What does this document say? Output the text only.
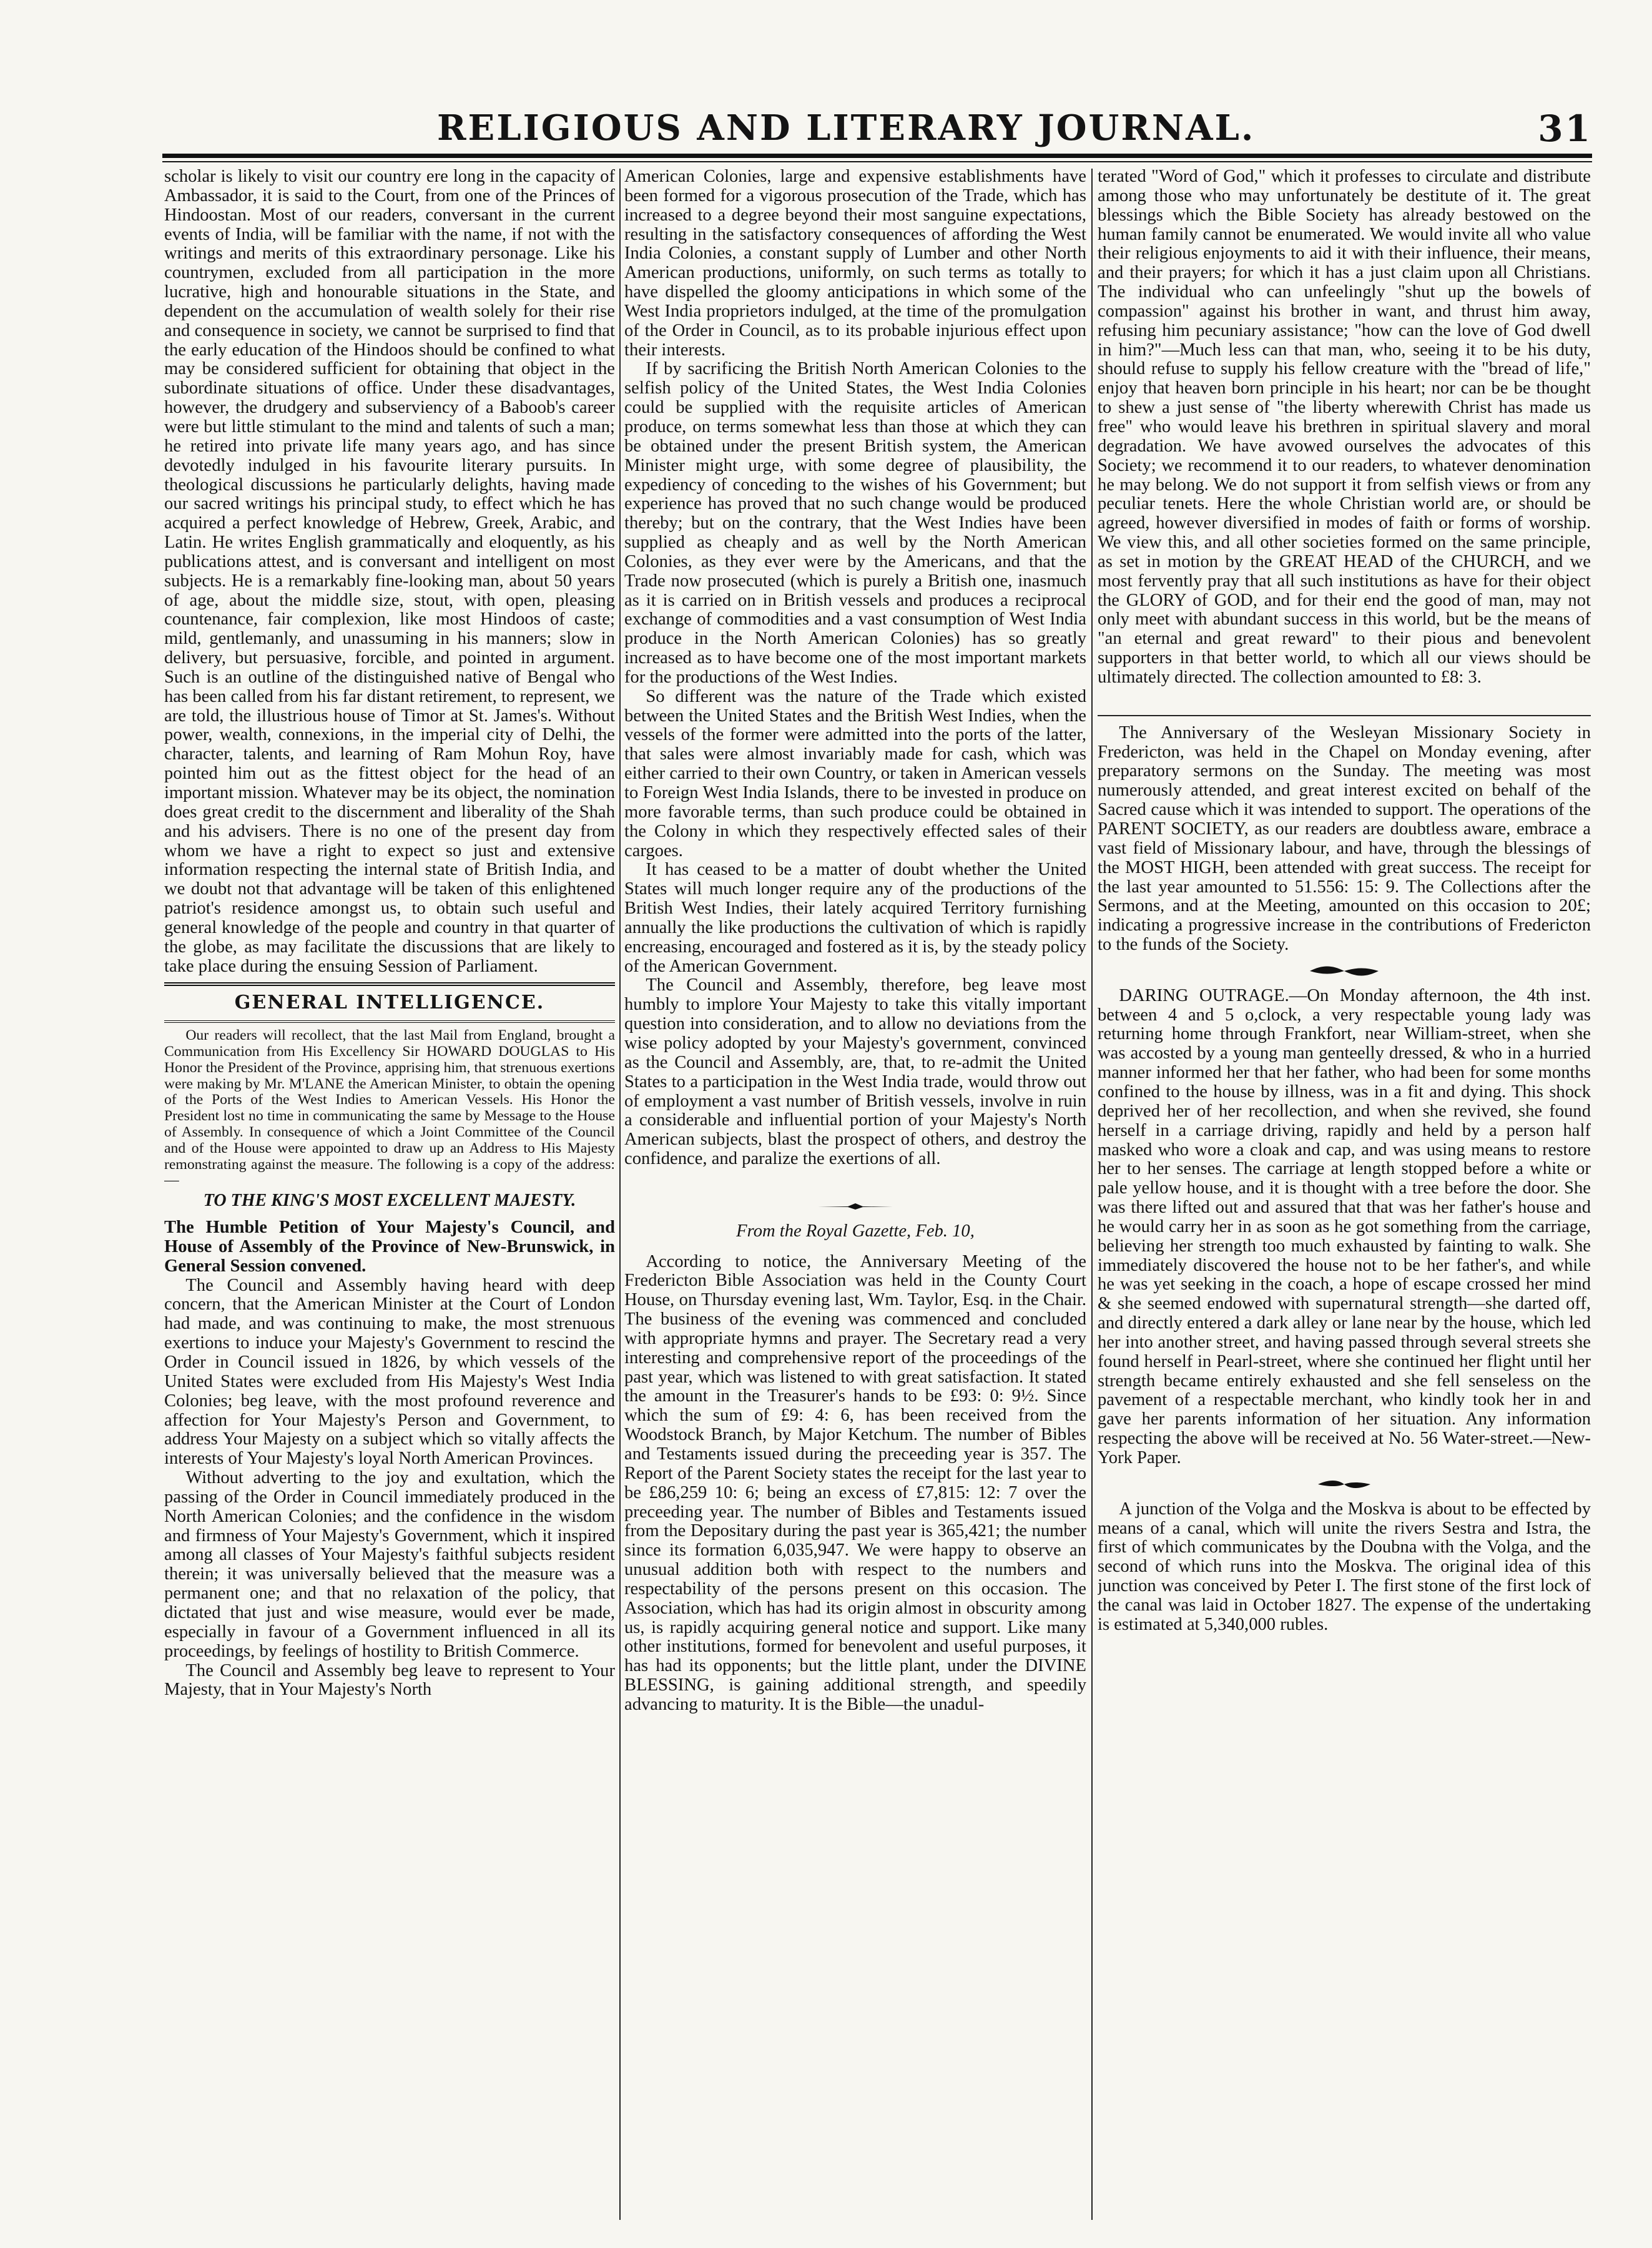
RELIGIOUS AND LITERARY JOURNAL.	31

scholar is likely to visit our country ere long in the capacity of Ambassador, it is said to the Court, from one of the Princes of Hindoostan. Most of our readers, conversant in the current events of India, will be familiar with the name, if not with the writings and merits of this extraordinary personage. Like his countrymen, excluded from all participation in the more lucrative, high and honourable situations in the State, and dependent on the accumulation of wealth solely for their rise and consequence in society, we cannot be surprised to find that the early education of the Hindoos should be confined to what may be considered sufficient for obtaining that object in the subordinate situations of office. Under these disadvantages, however, the drudgery and subserviency of a Baboob's career were but little stimulant to the mind and talents of such a man; he retired into private life many years ago, and has since devotedly indulged in his favourite literary pursuits. In theological discussions he particularly delights, having made our sacred writings his principal study, to effect which he has acquired a perfect knowledge of Hebrew, Greek, Arabic, and Latin. He writes English grammatically and eloquently, as his publications attest, and is conversant and intelligent on most subjects. He is a remarkably fine-looking man, about 50 years of age, about the middle size, stout, with open, pleasing countenance, fair complexion, like most Hindoos of caste; mild, gentlemanly, and unassuming in his manners; slow in delivery, but persuasive, forcible, and pointed in argument. Such is an outline of the distinguished native of Bengal who has been called from his far distant retirement, to represent, we are told, the illustrious house of Timor at St. James's. Without power, wealth, connexions, in the imperial city of Delhi, the character, talents, and learning of Ram Mohun Roy, have pointed him out as the fittest object for the head of an important mission. Whatever may be its object, the nomination does great credit to the discernment and liberality of the Shah and his advisers. There is no one of the present day from whom we have a right to expect so just and extensive information respecting the internal state of British India, and we doubt not that advantage will be taken of this enlightened patriot's residence amongst us, to obtain such useful and general knowledge of the people and country in that quarter of the globe, as may facilitate the discussions that are likely to take place during the ensuing Session of Parliament.

GENERAL INTELLIGENCE.

Our readers will recollect, that the last Mail from England, brought a Communication from His Excellency Sir HOWARD DOUGLAS to His Honor the President of the Province, apprising him, that strenuous exertions were making by Mr. M'LANE the American Minister, to obtain the opening of the Ports of the West Indies to American Vessels. His Honor the President lost no time in communicating the same by Message to the House of Assembly. In consequence of which a Joint Committee of the Council and of the House were appointed to draw up an Address to His Majesty remonstrating against the measure. The following is a copy of the address:—

TO THE KING'S MOST EXCELLENT MAJESTY.

The Humble Petition of Your Majesty's Council, and House of Assembly of the Province of New-Brunswick, in General Session convened.

The Council and Assembly having heard with deep concern, that the American Minister at the Court of London had made, and was continuing to make, the most strenuous exertions to induce your Majesty's Government to rescind the Order in Council issued in 1826, by which vessels of the United States were excluded from His Majesty's West India Colonies; beg leave, with the most profound reverence and affection for Your Majesty's Person and Government, to address Your Majesty on a subject which so vitally affects the interests of Your Majesty's loyal North American Provinces.

Without adverting to the joy and exultation, which the passing of the Order in Council immediately produced in the North American Colonies; and the confidence in the wisdom and firmness of Your Majesty's Government, which it inspired among all classes of Your Majesty's faithful subjects resident therein; it was universally believed that the measure was a permanent one; and that no relaxation of the policy, that dictated that just and wise measure, would ever be made, especially in favour of a Government influenced in all its proceedings, by feelings of hostility to British Commerce.

The Council and Assembly beg leave to represent to Your Majesty, that in Your Majesty's North

American Colonies, large and expensive establishments have been formed for a vigorous prosecution of the Trade, which has increased to a degree beyond their most sanguine expectations, resulting in the satisfactory consequences of affording the West India Colonies, a constant supply of Lumber and other North American productions, uniformly, on such terms as totally to have dispelled the gloomy anticipations in which some of the West India proprietors indulged, at the time of the promulgation of the Order in Council, as to its probable injurious effect upon their interests.

If by sacrificing the British North American Colonies to the selfish policy of the United States, the West India Colonies could be supplied with the requisite articles of American produce, on terms somewhat less than those at which they can be obtained under the present British system, the American Minister might urge, with some degree of plausibility, the expediency of conceding to the wishes of his Government; but experience has proved that no such change would be produced thereby; but on the contrary, that the West Indies have been supplied as cheaply and as well by the North American Colonies, as they ever were by the Americans, and that the Trade now prosecuted (which is purely a British one, inasmuch as it is carried on in British vessels and produces a reciprocal exchange of commodities and a vast consumption of West India produce in the North American Colonies) has so greatly increased as to have become one of the most important markets for the productions of the West Indies.

So different was the nature of the Trade which existed between the United States and the British West Indies, when the vessels of the former were admitted into the ports of the latter, that sales were almost invariably made for cash, which was either carried to their own Country, or taken in American vessels to Foreign West India Islands, there to be invested in produce on more favorable terms, than such produce could be obtained in the Colony in which they respectively effected sales of their cargoes.

It has ceased to be a matter of doubt whether the United States will much longer require any of the productions of the British West Indies, their lately acquired Territory furnishing annually the like productions the cultivation of which is rapidly encreasing, encouraged and fostered as it is, by the steady policy of the American Government.

The Council and Assembly, therefore, beg leave most humbly to implore Your Majesty to take this vitally important question into consideration, and to allow no deviations from the wise policy adopted by your Majesty's government, convinced as the Council and Assembly, are, that, to re-admit the United States to a participation in the West India trade, would throw out of employment a vast number of British vessels, involve in ruin a considerable and influential portion of your Majesty's North American subjects, blast the prospect of others, and destroy the confidence, and paralize the exertions of all.

From the Royal Gazette, Feb. 10,

According to notice, the Anniversary Meeting of the Fredericton Bible Association was held in the County Court House, on Thursday evening last, Wm. Taylor, Esq. in the Chair. The business of the evening was commenced and concluded with appropriate hymns and prayer. The Secretary read a very interesting and comprehensive report of the proceedings of the past year, which was listened to with great satisfaction. It stated the amount in the Treasurer's hands to be £93: 0: 9½. Since which the sum of £9: 4: 6, has been received from the Woodstock Branch, by Major Ketchum. The number of Bibles and Testaments issued during the preceeding year is 357. The Report of the Parent Society states the receipt for the last year to be £86,259 10: 6; being an excess of £7,815: 12: 7 over the preceeding year. The number of Bibles and Testaments issued from the Depositary during the past year is 365,421; the number since its formation 6,035,947. We were happy to observe an unusual addition both with respect to the numbers and respectability of the persons present on this occasion. The Association, which has had its origin almost in obscurity among us, is rapidly acquiring general notice and support. Like many other institutions, formed for benevolent and useful purposes, it has had its opponents; but the little plant, under the DIVINE BLESSING, is gaining additional strength, and speedily advancing to maturity. It is the Bible—the unadul-

terated "Word of God," which it professes to circulate and distribute among those who may unfortunately be destitute of it. The great blessings which the Bible Society has already bestowed on the human family cannot be enumerated. We would invite all who value their religious enjoyments to aid it with their influence, their means, and their prayers; for which it has a just claim upon all Christians. The individual who can unfeelingly "shut up the bowels of compassion" against his brother in want, and thrust him away, refusing him pecuniary assistance; "how can the love of God dwell in him?"—Much less can that man, who, seeing it to be his duty, should refuse to supply his fellow creature with the "bread of life," enjoy that heaven born principle in his heart; nor can be be thought to shew a just sense of "the liberty wherewith Christ has made us free" who would leave his brethren in spiritual slavery and moral degradation. We have avowed ourselves the advocates of this Society; we recommend it to our readers, to whatever denomination he may belong. We do not support it from selfish views or from any peculiar tenets. Here the whole Christian world are, or should be agreed, however diversified in modes of faith or forms of worship. We view this, and all other societies formed on the same principle, as set in motion by the GREAT HEAD of the CHURCH, and we most fervently pray that all such institutions as have for their object the GLORY of GOD, and for their end the good of man, may not only meet with abundant success in this world, but be the means of "an eternal and great reward" to their pious and benevolent supporters in that better world, to which all our views should be ultimately directed. The collection amounted to £8: 3.

The Anniversary of the Wesleyan Missionary Society in Fredericton, was held in the Chapel on Monday evening, after preparatory sermons on the Sunday. The meeting was most numerously attended, and great interest excited on behalf of the Sacred cause which it was intended to support. The operations of the PARENT SOCIETY, as our readers are doubtless aware, embrace a vast field of Missionary labour, and have, through the blessings of the MOST HIGH, been attended with great success. The receipt for the last year amounted to 51.556: 15: 9. The Collections after the Sermons, and at the Meeting, amounted on this occasion to 20£; indicating a progressive increase in the contributions of Fredericton to the funds of the Society.

DARING OUTRAGE.—On Monday afternoon, the 4th inst. between 4 and 5 o,clock, a very respectable young lady was returning home through Frankfort, near William-street, when she was accosted by a young man genteelly dressed, & who in a hurried manner informed her that her father, who had been for some months confined to the house by illness, was in a fit and dying. This shock deprived her of her recollection, and when she revived, she found herself in a carriage driving, rapidly and held by a person half masked who wore a cloak and cap, and was using means to restore her to her senses. The carriage at length stopped before a white or pale yellow house, and it is thought with a tree before the door. She was there lifted out and assured that that was her father's house and he would carry her in as soon as he got something from the carriage, believing her strength too much exhausted by fainting to walk. She immediately discovered the house not to be her father's, and while he was yet seeking in the coach, a hope of escape crossed her mind & she seemed endowed with supernatural strength—she darted off, and directly entered a dark alley or lane near by the house, which led her into another street, and having passed through several streets she found herself in Pearl-street, where she continued her flight until her strength became entirely exhausted and she fell senseless on the pavement of a respectable merchant, who kindly took her in and gave her parents information of her situation. Any information respecting the above will be received at No. 56 Water-street.—New-York Paper.

A junction of the Volga and the Moskva is about to be effected by means of a canal, which will unite the rivers Sestra and Istra, the first of which communicates by the Doubna with the Volga, and the second of which runs into the Moskva. The original idea of this junction was conceived by Peter I. The first stone of the first lock of the canal was laid in October 1827. The expense of the undertaking is estimated at 5,340,000 rubles.
